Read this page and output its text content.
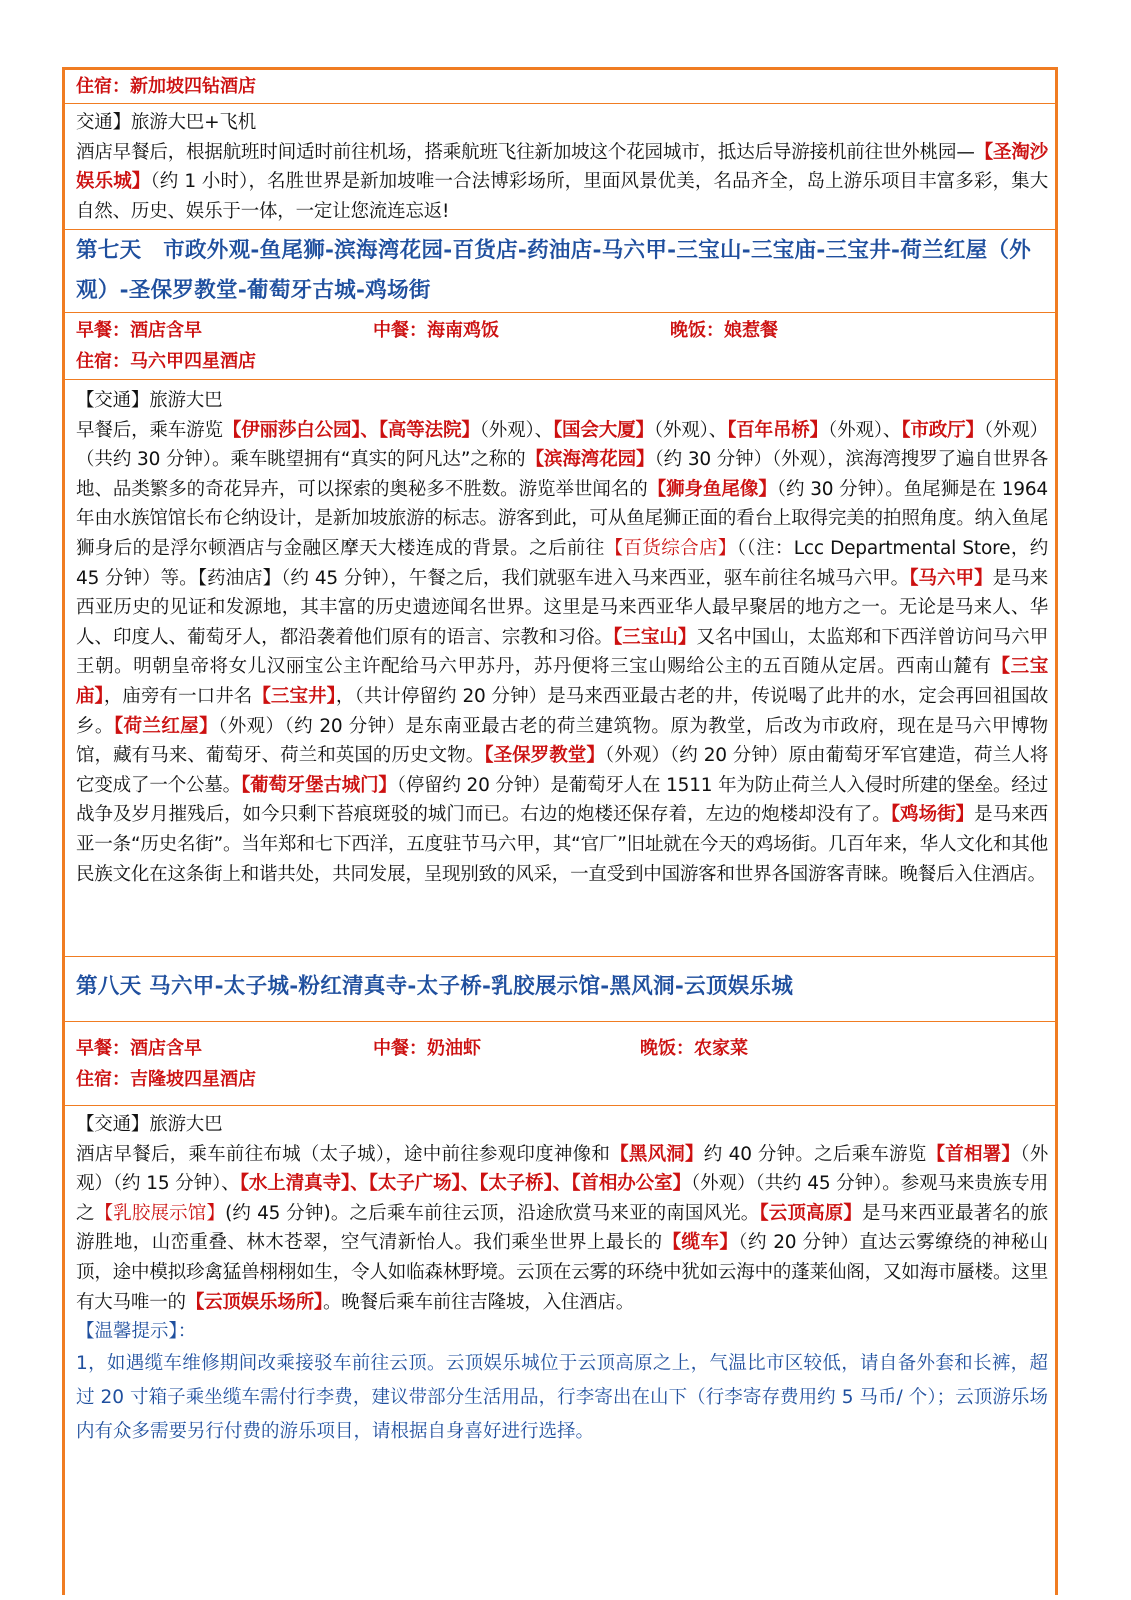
住宿：新加坡四钻酒店
交通】旅游大巴+飞机
酒店早餐后，根据航班时间适时前往机场，搭乘航班飞往新加坡这个花园城市，抵达后导游接机前往世外桃园—【圣淘沙娱乐城】（约 1 小时），名胜世界是新加坡唯一合法博彩场所，里面风景优美，名品齐全，岛上游乐项目丰富多彩，集大自然、历史、娱乐于一体，一定让您流连忘返!
第七天　市政外观-鱼尾狮-滨海湾花园-百货店-药油店-马六甲-三宝山-三宝庙-三宝井-荷兰红屋（外观）-圣保罗教堂-葡萄牙古城-鸡场街
早餐：酒店含早	中餐：海南鸡饭	晚饭：娘惹餐
住宿：马六甲四星酒店
【交通】旅游大巴
早餐后，乘车游览【伊丽莎白公园】、【高等法院】（外观）、【国会大厦】（外观）、【百年吊桥】（外观）、【市政厅】（外观）（共约 30 分钟）。乘车眺望拥有“真实的阿凡达”之称的【滨海湾花园】（约 30 分钟）（外观），滨海湾搜罗了遍自世界各地、品类繁多的奇花异卉，可以探索的奥秘多不胜数。游览举世闻名的【狮身鱼尾像】（约 30 分钟）。鱼尾狮是在 1964 年由水族馆馆长布仑纳设计，是新加坡旅游的标志。游客到此，可从鱼尾狮正面的看台上取得完美的拍照角度。纳入鱼尾狮身后的是浮尔顿酒店与金融区摩天大楼连成的背景。之后前往【百货综合店】（（注：Lcc Departmental Store，约 45 分钟）等。【药油店】（约 45 分钟），午餐之后，我们就驱车进入马来西亚，驱车前往名城马六甲。【马六甲】是马来西亚历史的见证和发源地，其丰富的历史遗迹闻名世界。这里是马来西亚华人最早聚居的地方之一。无论是马来人、华人、印度人、葡萄牙人，都沿袭着他们原有的语言、宗教和习俗。【三宝山】又名中国山，太监郑和下西洋曾访问马六甲王朝。明朝皇帝将女儿汉丽宝公主许配给马六甲苏丹，苏丹便将三宝山赐给公主的五百随从定居。西南山麓有【三宝庙】，庙旁有一口井名【三宝井】，（共计停留约 20 分钟）是马来西亚最古老的井，传说喝了此井的水，定会再回祖国故乡。【荷兰红屋】（外观）（约 20 分钟）是东南亚最古老的荷兰建筑物。原为教堂，后改为市政府，现在是马六甲博物馆，藏有马来、葡萄牙、荷兰和英国的历史文物。【圣保罗教堂】（外观）（约 20 分钟）原由葡萄牙军官建造，荷兰人将它变成了一个公墓。【葡萄牙堡古城门】（停留约 20 分钟）是葡萄牙人在 1511 年为防止荷兰人入侵时所建的堡垒。经过战争及岁月摧残后，如今只剩下苔痕斑驳的城门而已。右边的炮楼还保存着，左边的炮楼却没有了。【鸡场街】是马来西亚一条“历史名街”。当年郑和七下西洋，五度驻节马六甲，其“官厂”旧址就在今天的鸡场街。几百年来，华人文化和其他民族文化在这条街上和谐共处，共同发展，呈现别致的风采，一直受到中国游客和世界各国游客青睐。晚餐后入住酒店。
第八天 马六甲-太子城-粉红清真寺-太子桥-乳胶展示馆-黑风洞-云顶娱乐城
早餐：酒店含早	中餐：奶油虾	晚饭：农家菜
住宿：吉隆坡四星酒店
【交通】旅游大巴
酒店早餐后，乘车前往布城（太子城），途中前往参观印度神像和【黑风洞】约 40 分钟。之后乘车游览【首相署】（外观）（约 15 分钟）、【水上清真寺】、【太子广场】、【太子桥】、【首相办公室】（外观）（共约 45 分钟）。参观马来贵族专用之【乳胶展示馆】(约 45 分钟)。之后乘车前往云顶，沿途欣赏马来亚的南国风光。【云顶高原】是马来西亚最著名的旅游胜地，山峦重叠、林木苍翠，空气清新怡人。我们乘坐世界上最长的【缆车】（约 20 分钟）直达云雾缭绕的神秘山顶，途中模拟珍禽猛兽栩栩如生，令人如临森林野境。云顶在云雾的环绕中犹如云海中的蓬莱仙阁，又如海市蜃楼。这里有大马唯一的【云顶娱乐场所】。晚餐后乘车前往吉隆坡，入住酒店。
【温馨提示】：
1，如遇缆车维修期间改乘接驳车前往云顶。云顶娱乐城位于云顶高原之上，气温比市区较低，请自备外套和长裤，超过 20 寸箱子乘坐缆车需付行李费，建议带部分生活用品，行李寄出在山下（行李寄存费用约 5 马币/ 个）；云顶游乐场内有众多需要另行付费的游乐项目，请根据自身喜好进行选择。
